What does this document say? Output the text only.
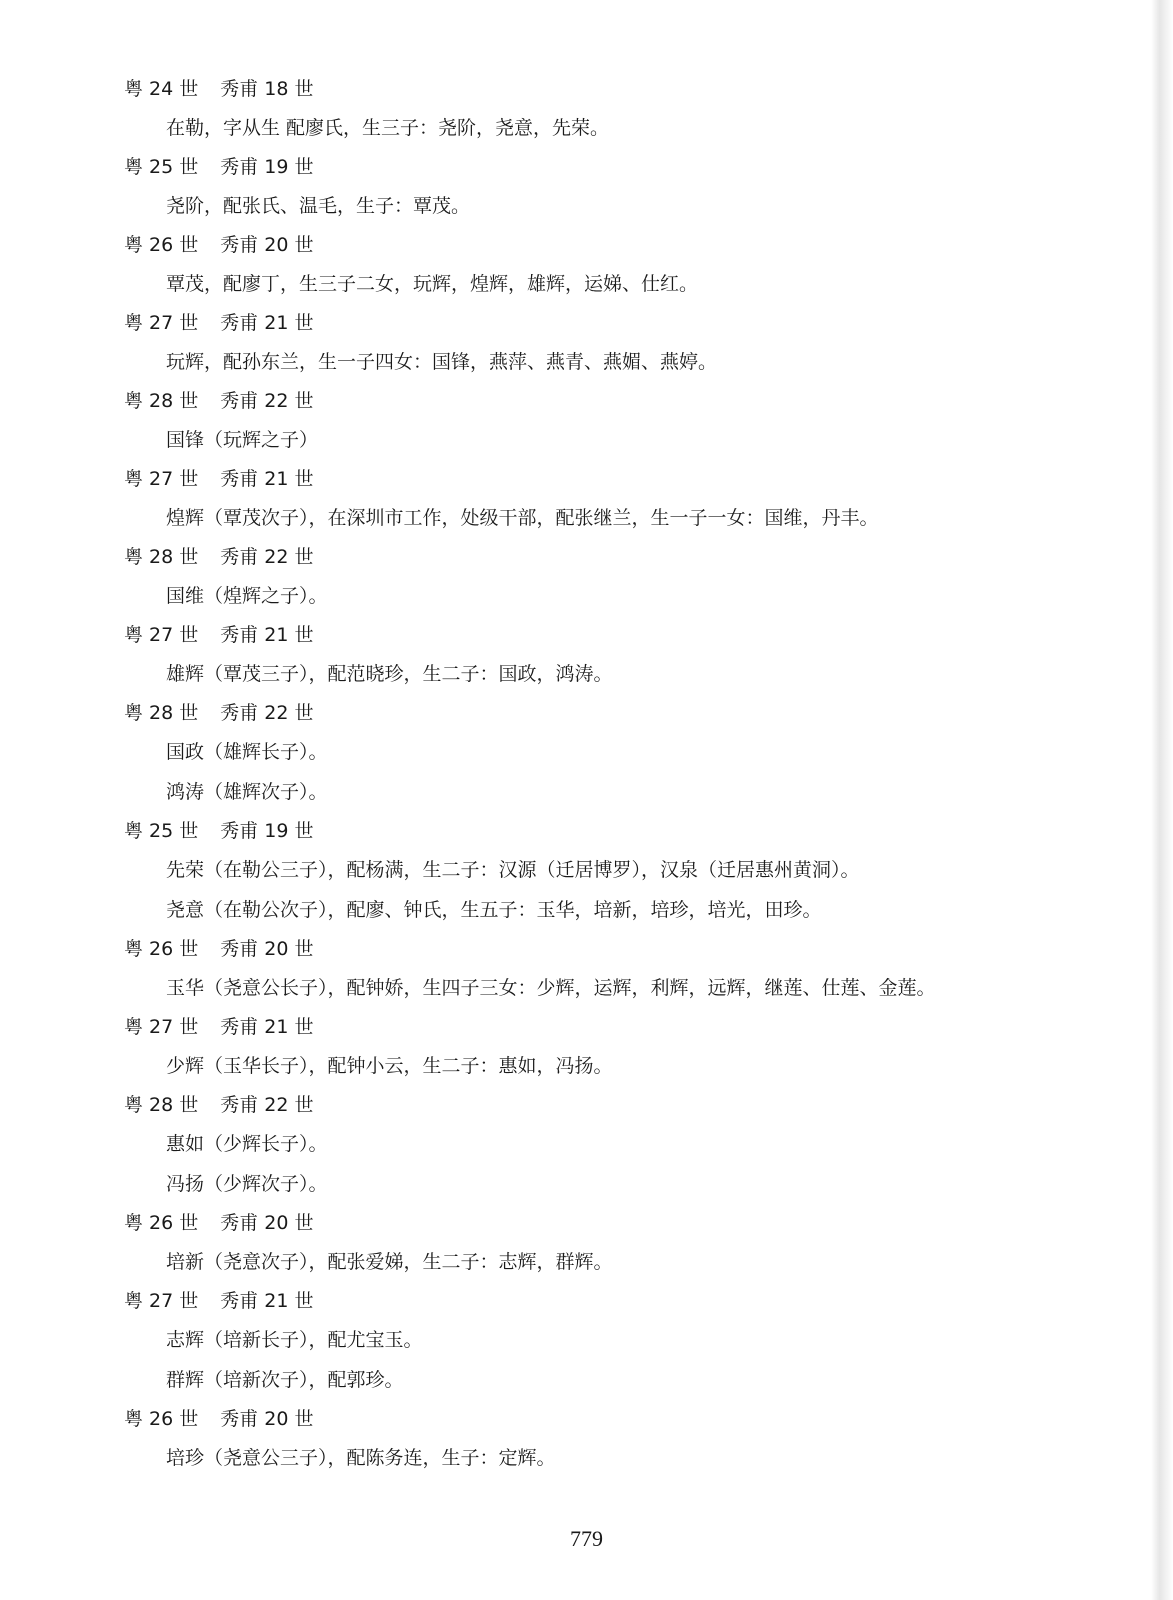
粤 24 世 秀甫 18 世
在勒，字从生 配廖氏，生三子：尧阶，尧意，先荣。
粤 25 世 秀甫 19 世
尧阶，配张氏、温毛，生子：覃茂。
粤 26 世 秀甫 20 世
覃茂，配廖丁，生三子二女，玩辉，煌辉，雄辉，运娣、仕红。
粤 27 世 秀甫 21 世
玩辉，配孙东兰，生一子四女：国锋，燕萍、燕青、燕媚、燕婷。
粤 28 世 秀甫 22 世
国锋（玩辉之子）
粤 27 世 秀甫 21 世
煌辉（覃茂次子），在深圳市工作，处级干部，配张继兰，生一子一女：国维，丹丰。
粤 28 世 秀甫 22 世
国维（煌辉之子）。
粤 27 世 秀甫 21 世
雄辉（覃茂三子），配范晓珍，生二子：国政，鸿涛。
粤 28 世 秀甫 22 世
国政（雄辉长子）。
鸿涛（雄辉次子）。
粤 25 世 秀甫 19 世
先荣（在勒公三子），配杨满，生二子：汉源（迁居博罗），汉泉（迁居惠州黄洞）。
尧意（在勒公次子），配廖、钟氏，生五子：玉华，培新，培珍，培光，田珍。
粤 26 世 秀甫 20 世
玉华（尧意公长子），配钟娇，生四子三女：少辉，运辉，利辉，远辉，继莲、仕莲、金莲。
粤 27 世 秀甫 21 世
少辉（玉华长子），配钟小云，生二子：惠如，冯扬。
粤 28 世 秀甫 22 世
惠如（少辉长子）。
冯扬（少辉次子）。
粤 26 世 秀甫 20 世
培新（尧意次子），配张爱娣，生二子：志辉，群辉。
粤 27 世 秀甫 21 世
志辉（培新长子），配尤宝玉。
群辉（培新次子），配郭珍。
粤 26 世 秀甫 20 世
培珍（尧意公三子），配陈务连，生子：定辉。
779
